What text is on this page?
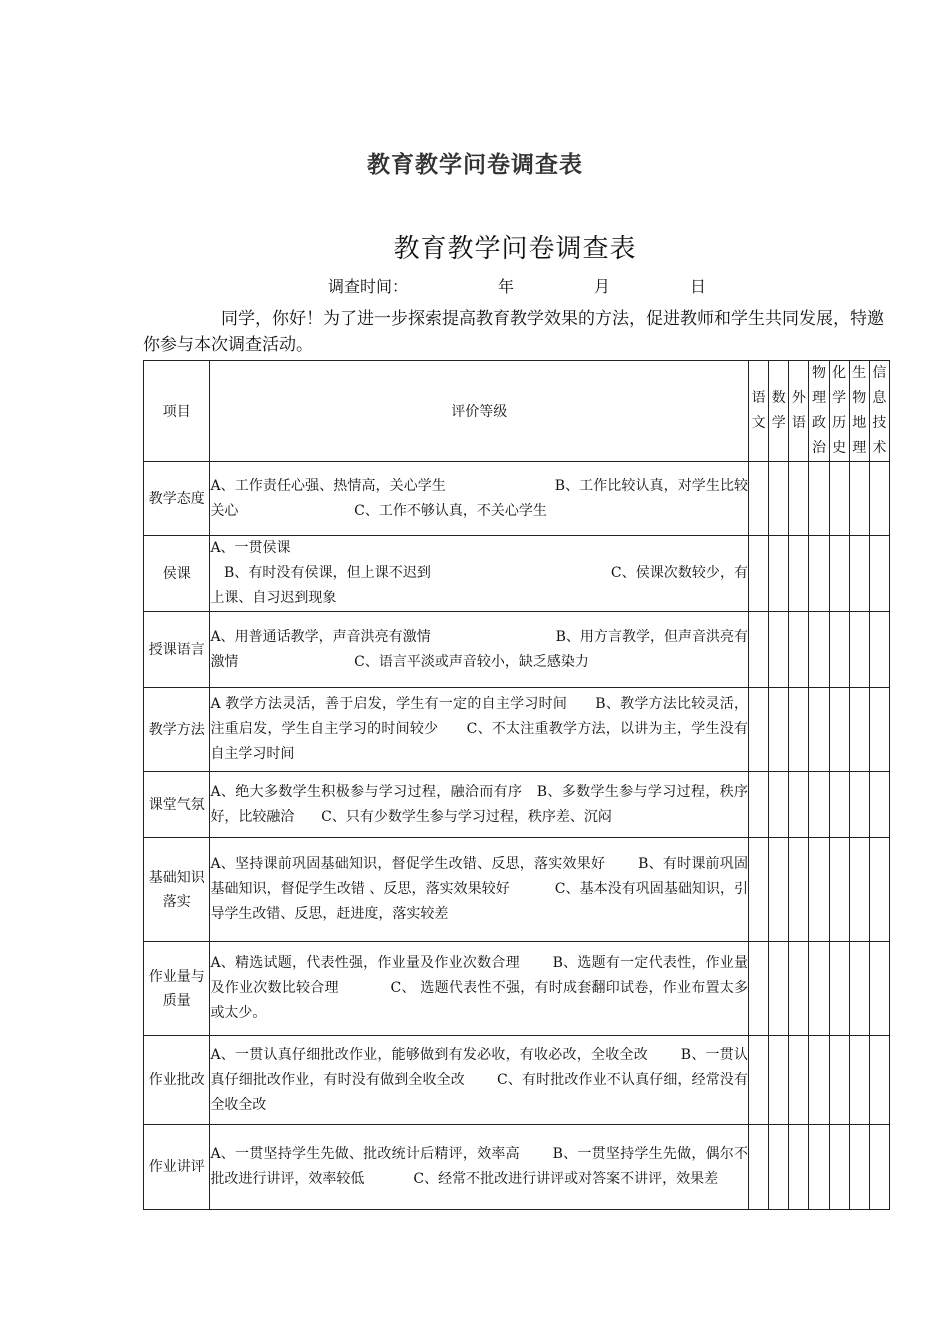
教育教学问卷调查表
教育教学问卷调查表
调查时间：	年	月	日
同学，你好！为了进一步探索提高教育教学效果的方法，促进教师和学生共同发展，特邀你参与本次调查活动。
项目	评价等级	语文	数学	外语	物理政治	化学历史	生物地理	信息技术
教学态度	A、工作责任心强、热情高，关心学生                        B、工作比较认真，对学生比较关心                          C、工作不够认真，不关心学生							
侯课	A、一贯侯课
B、有时没有侯课，但上课不迟到                                        C、侯课次数较少，有上课、自习迟到现象							
授课语言	A、用普通话教学，声音洪亮有激情                            B、用方言教学，但声音洪亮有激情                          C、语言平淡或声音较小，缺乏感染力							
教学方法	A 教学方法灵活，善于启发，学生有一定的自主学习时间      B、教学方法比较灵活，注重启发，学生自主学习的时间较少      C、不太注重教学方法，以讲为主，学生没有自主学习时间							
课堂气氛	A、绝大多数学生积极参与学习过程，融洽而有序   B、多数学生参与学习过程，秩序好，比较融洽      C、只有少数学生参与学习过程，秩序差、沉闷							
基础知识落实	A、坚持课前巩固基础知识，督促学生改错、反思，落实效果好       B、有时课前巩固基础知识，督促学生改错 、反思，落实效果较好          C、基本没有巩固基础知识，引导学生改错、反思，赶进度，落实较差							
作业量与质量	A、精选试题，代表性强，作业量及作业次数合理       B、选题有一定代表性，作业量及作业次数比较合理           C、 选题代表性不强，有时成套翻印试卷，作业布置太多或太少。							
作业批改	A、一贯认真仔细批改作业，能够做到有发必收，有收必改，全收全改       B、一贯认真仔细批改作业，有时没有做到全收全改       C、有时批改作业不认真仔细，经常没有全收全改							
作业讲评	A、一贯坚持学生先做、批改统计后精评，效率高       B、一贯坚持学生先做，偶尔不批改进行讲评，效率较低           C、经常不批改进行讲评或对答案不讲评，效果差							
